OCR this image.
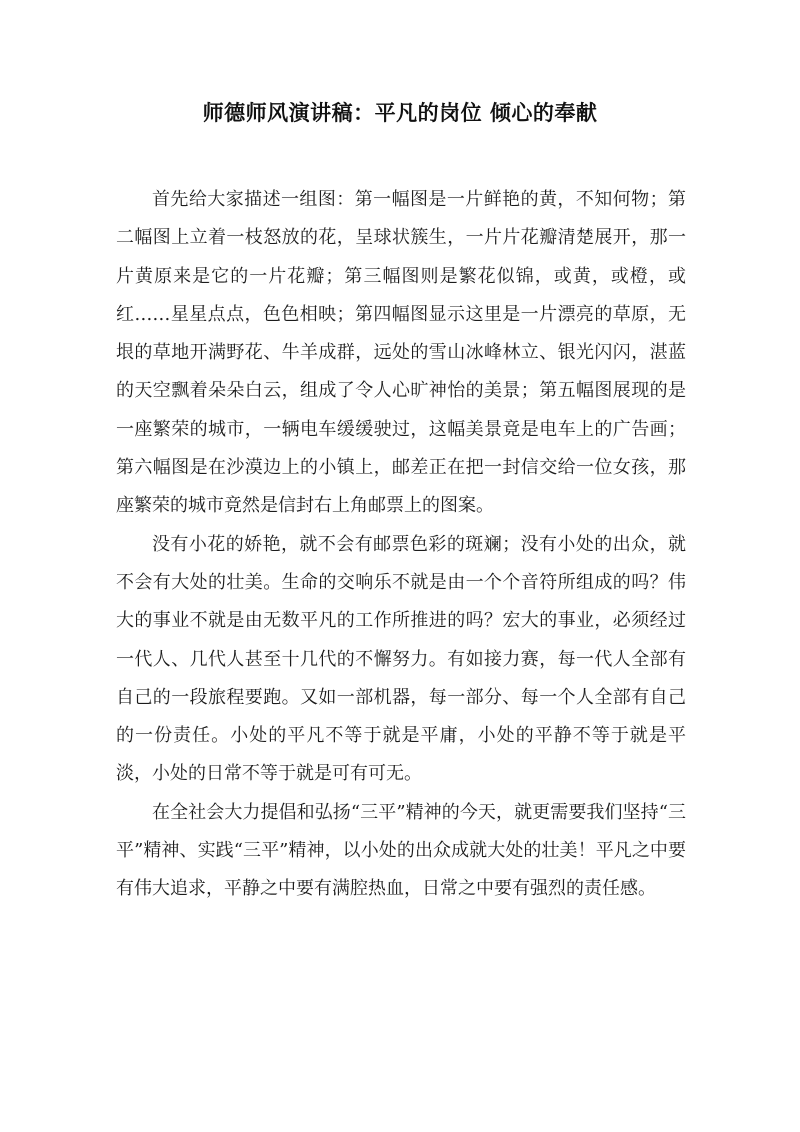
师德师风演讲稿：平凡的岗位 倾心的奉献

首先给大家描述一组图：第一幅图是一片鲜艳的黄，不知何物；第二幅图上立着一枝怒放的花，呈球状簇生，一片片花瓣清楚展开，那一片黄原来是它的一片花瓣；第三幅图则是繁花似锦，或黄，或橙，或红……星星点点，色色相映；第四幅图显示这里是一片漂亮的草原，无垠的草地开满野花、牛羊成群，远处的雪山冰峰林立、银光闪闪，湛蓝的天空飘着朵朵白云，组成了令人心旷神怡的美景；第五幅图展现的是一座繁荣的城市，一辆电车缓缓驶过，这幅美景竟是电车上的广告画；第六幅图是在沙漠边上的小镇上，邮差正在把一封信交给一位女孩，那座繁荣的城市竟然是信封右上角邮票上的图案。

没有小花的娇艳，就不会有邮票色彩的斑斓；没有小处的出众，就不会有大处的壮美。生命的交响乐不就是由一个个音符所组成的吗？伟大的事业不就是由无数平凡的工作所推进的吗？宏大的事业，必须经过一代人、几代人甚至十几代的不懈努力。有如接力赛，每一代人全部有自己的一段旅程要跑。又如一部机器，每一部分、每一个人全部有自己的一份责任。小处的平凡不等于就是平庸，小处的平静不等于就是平淡，小处的日常不等于就是可有可无。

在全社会大力提倡和弘扬“三平”精神的今天，就更需要我们坚持“三平”精神、实践“三平”精神，以小处的出众成就大处的壮美！平凡之中要有伟大追求，平静之中要有满腔热血，日常之中要有强烈的责任感。
